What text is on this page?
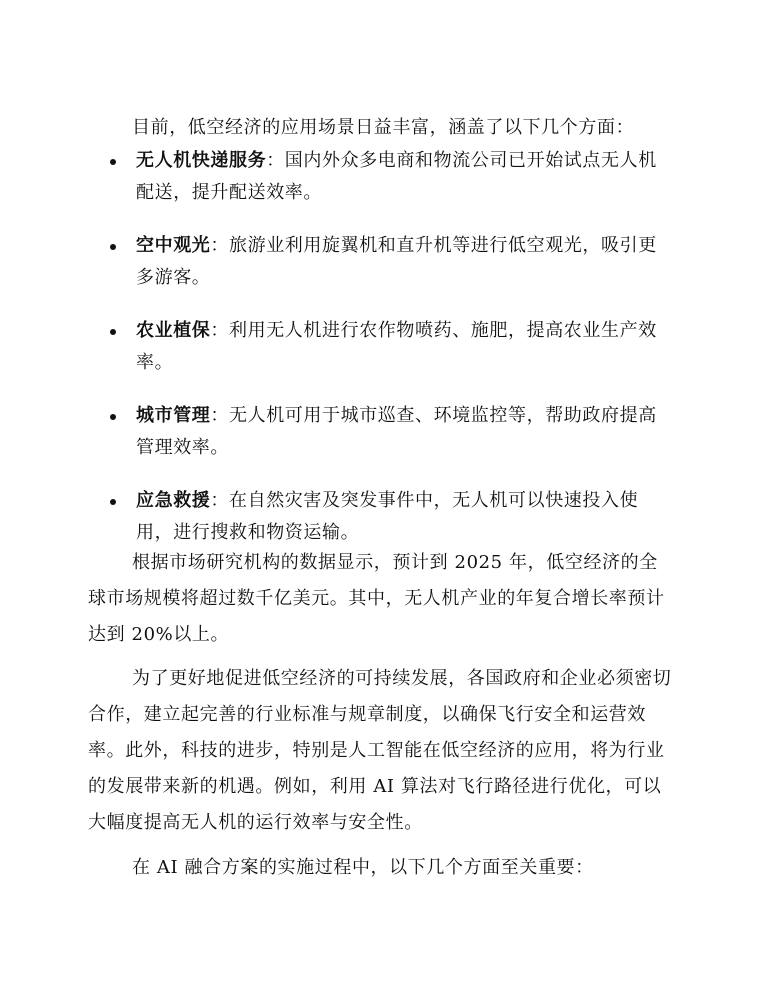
目前，低空经济的应用场景日益丰富，涵盖了以下几个方面：

无人机快递服务：国内外众多电商和物流公司已开始试点无人机配送，提升配送效率。
空中观光：旅游业利用旋翼机和直升机等进行低空观光，吸引更多游客。
农业植保：利用无人机进行农作物喷药、施肥，提高农业生产效率。
城市管理：无人机可用于城市巡查、环境监控等，帮助政府提高管理效率。
应急救援：在自然灾害及突发事件中，无人机可以快速投入使用，进行搜救和物资运输。

根据市场研究机构的数据显示，预计到 2025 年，低空经济的全球市场规模将超过数千亿美元。其中，无人机产业的年复合增长率预计达到 20%以上。

为了更好地促进低空经济的可持续发展，各国政府和企业必须密切合作，建立起完善的行业标准与规章制度，以确保飞行安全和运营效率。此外，科技的进步，特别是人工智能在低空经济的应用，将为行业的发展带来新的机遇。例如，利用 AI 算法对飞行路径进行优化，可以大幅度提高无人机的运行效率与安全性。

在 AI 融合方案的实施过程中，以下几个方面至关重要：
